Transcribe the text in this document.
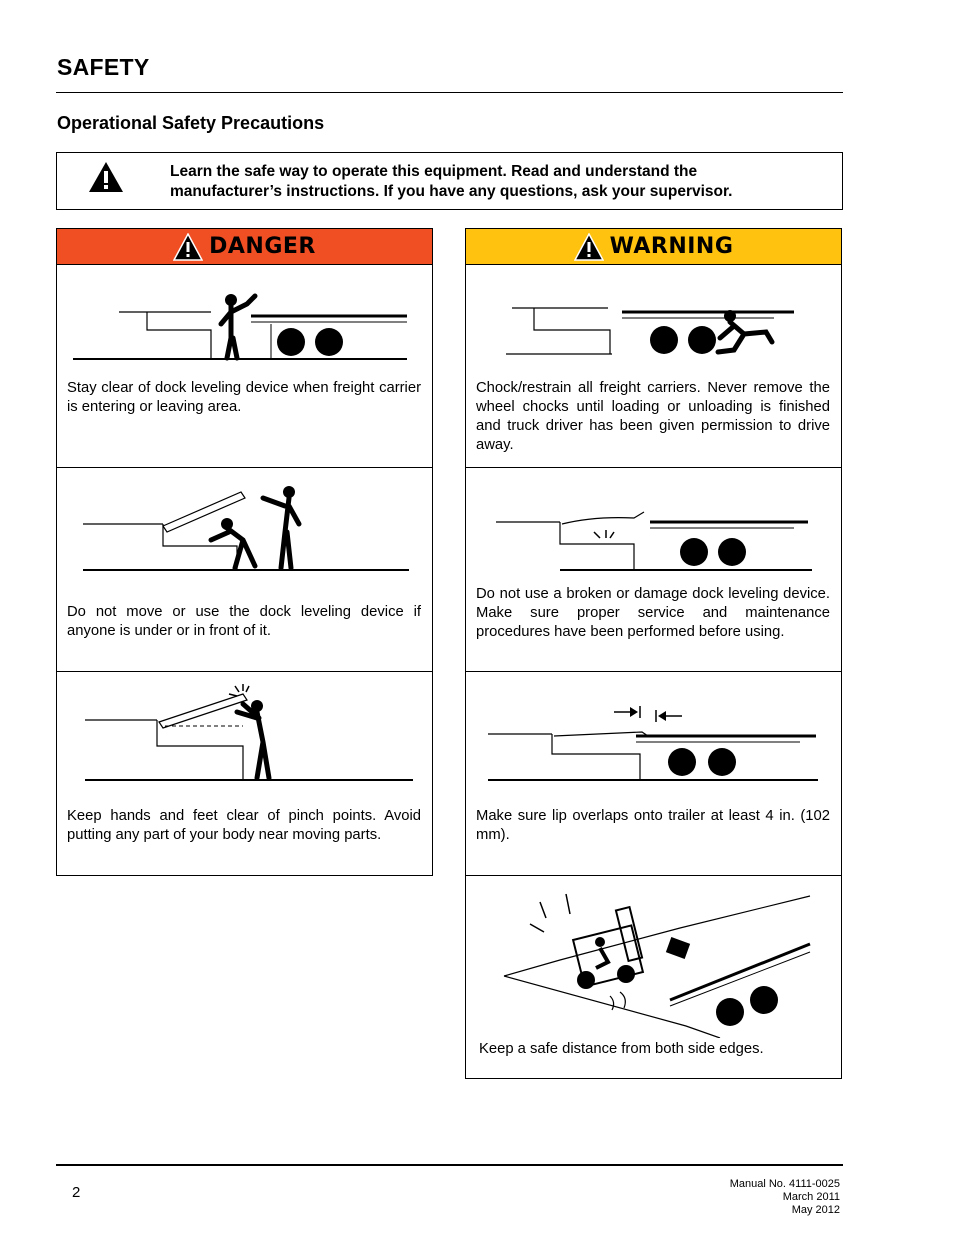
SAFETY
Operational Safety Precautions
Learn the safe way to operate this equipment. Read and understand the manufacturer’s instructions. If you have any questions, ask your supervisor.
DANGER
Stay clear of dock leveling device when freight carrier is entering or leaving area.
Do not move or use the dock leveling device if anyone is under or in front of it.
Keep hands and feet clear of pinch points. Avoid putting any part of your body near moving parts.
WARNING
Chock/restrain all freight carriers. Never remove the wheel chocks until loading or unloading is finished and truck driver has been given permission to drive away.
Do not use a broken or damage dock leveling device. Make sure proper service and maintenance procedures have been performed before using.
Make sure lip overlaps onto trailer at least 4 in. (102 mm).
Keep a safe distance from both side edges.
2	Manual No. 4111-0025
March 2011
May 2012
